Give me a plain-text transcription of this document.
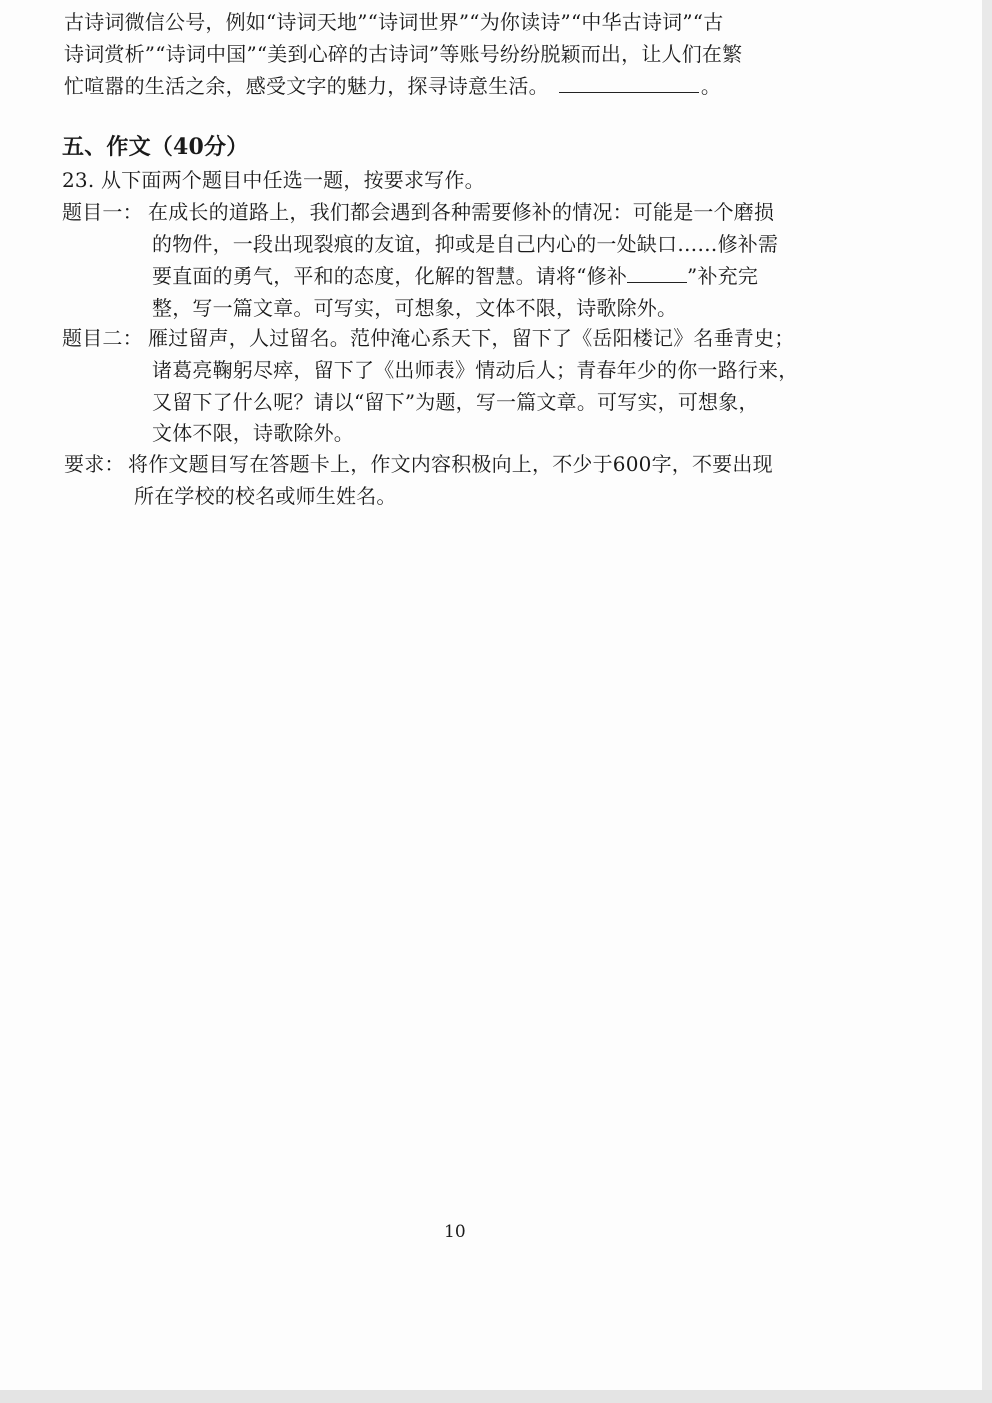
古诗词微信公号，例如“诗词天地”“诗词世界”“为你读诗”“中华古诗词”“古
诗词赏析”“诗词中国”“美到心碎的古诗词”等账号纷纷脱颖而出，让人们在繁
忙喧嚣的生活之余，感受文字的魅力，探寻诗意生活。	。
五、作文（40分）
23. 从下面两个题目中任选一题，按要求写作。
题目一： 在成长的道路上，我们都会遇到各种需要修补的情况：可能是一个磨损
的物件，一段出现裂痕的友谊，抑或是自己内心的一处缺口……修补需
要直面的勇气，平和的态度，化解的智慧。请将“修补	”补充完
整，写一篇文章。可写实，可想象，文体不限，诗歌除外。
题目二： 雁过留声，人过留名。范仲淹心系天下，留下了《岳阳楼记》名垂青史；
诸葛亮鞠躬尽瘁，留下了《出师表》情动后人；青春年少的你一路行来，
又留下了什么呢？请以“留下”为题，写一篇文章。可写实，可想象，
文体不限，诗歌除外。
要求： 将作文题目写在答题卡上，作文内容积极向上，不少于600字，不要出现
所在学校的校名或师生姓名。
10
